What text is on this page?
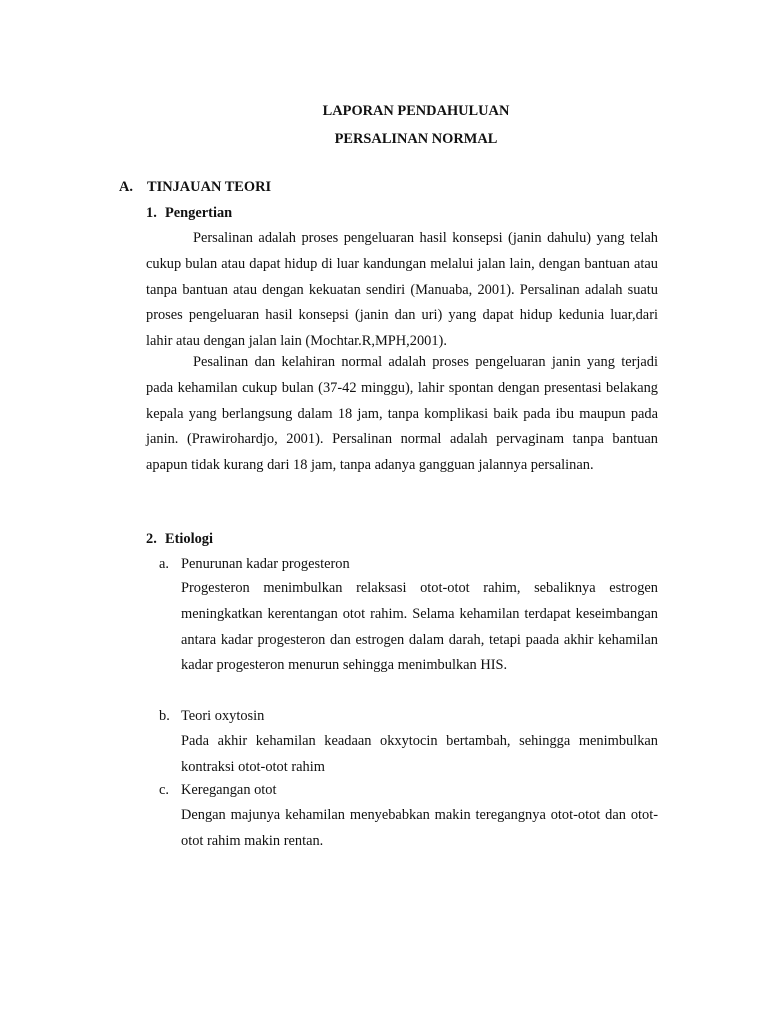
LAPORAN PENDAHULUAN

PERSALINAN NORMAL

A. TINJAUAN TEORI

1. Pengertian

Persalinan adalah proses pengeluaran hasil konsepsi (janin dahulu) yang telah cukup bulan atau dapat hidup di luar kandungan melalui jalan lain, dengan bantuan atau tanpa bantuan atau dengan kekuatan sendiri (Manuaba, 2001). Persalinan adalah suatu proses pengeluaran hasil konsepsi (janin dan uri) yang dapat hidup kedunia luar,dari lahir atau dengan jalan lain (Mochtar.R,MPH,2001).

Pesalinan dan kelahiran normal adalah proses pengeluaran janin yang terjadi pada kehamilan cukup bulan (37-42 minggu), lahir spontan dengan presentasi belakang kepala yang berlangsung dalam 18 jam, tanpa komplikasi baik pada ibu maupun pada janin. (Prawirohardjo, 2001). Persalinan normal adalah pervaginam tanpa bantuan apapun tidak kurang dari 18 jam, tanpa adanya gangguan jalannya persalinan.

2. Etiologi

a. Penurunan kadar progesteron

Progesteron menimbulkan relaksasi otot-otot rahim, sebaliknya estrogen meningkatkan kerentangan otot rahim. Selama kehamilan terdapat keseimbangan antara kadar progesteron dan estrogen dalam darah, tetapi paada akhir kehamilan kadar progesteron menurun sehingga menimbulkan HIS.

b. Teori oxytosin

Pada akhir kehamilan keadaan okxytocin bertambah, sehingga menimbulkan kontraksi otot-otot rahim

c. Keregangan otot

Dengan majunya kehamilan menyebabkan makin teregangnya otot-otot dan otot-otot rahim makin rentan.
